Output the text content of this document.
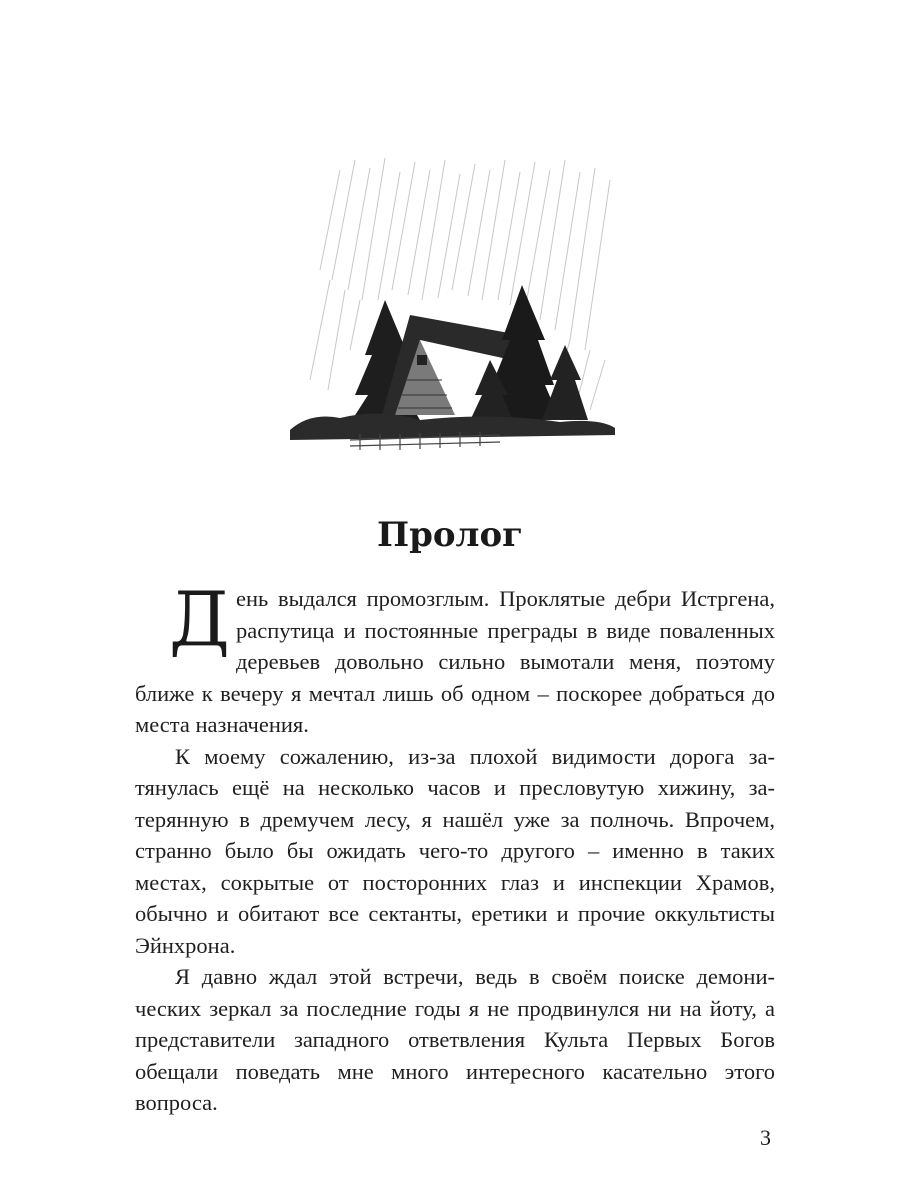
Пролог

День выдался промозглым. Проклятые дебри Истргена, распутица и постоянные преграды в виде поваленных деревьев довольно сильно вымотали меня, поэтому ближе к вечеру я мечтал лишь об одном – поскорее добраться до места назначения.

К моему сожалению, из-за плохой видимости дорога затянулась ещё на несколько часов и пресловутую хижину, затерянную в дремучем лесу, я нашёл уже за полночь. Впрочем, странно было бы ожидать чего-то другого – именно в таких местах, сокрытые от посторонних глаз и инспекции Храмов, обычно и обитают все сектанты, еретики и прочие оккультисты Эйнхрона.

Я давно ждал этой встречи, ведь в своём поиске демонических зеркал за последние годы я не продвинулся ни на йоту, а представители западного ответвления Культа Первых Богов обещали поведать мне много интересного касательно этого вопроса.

3
